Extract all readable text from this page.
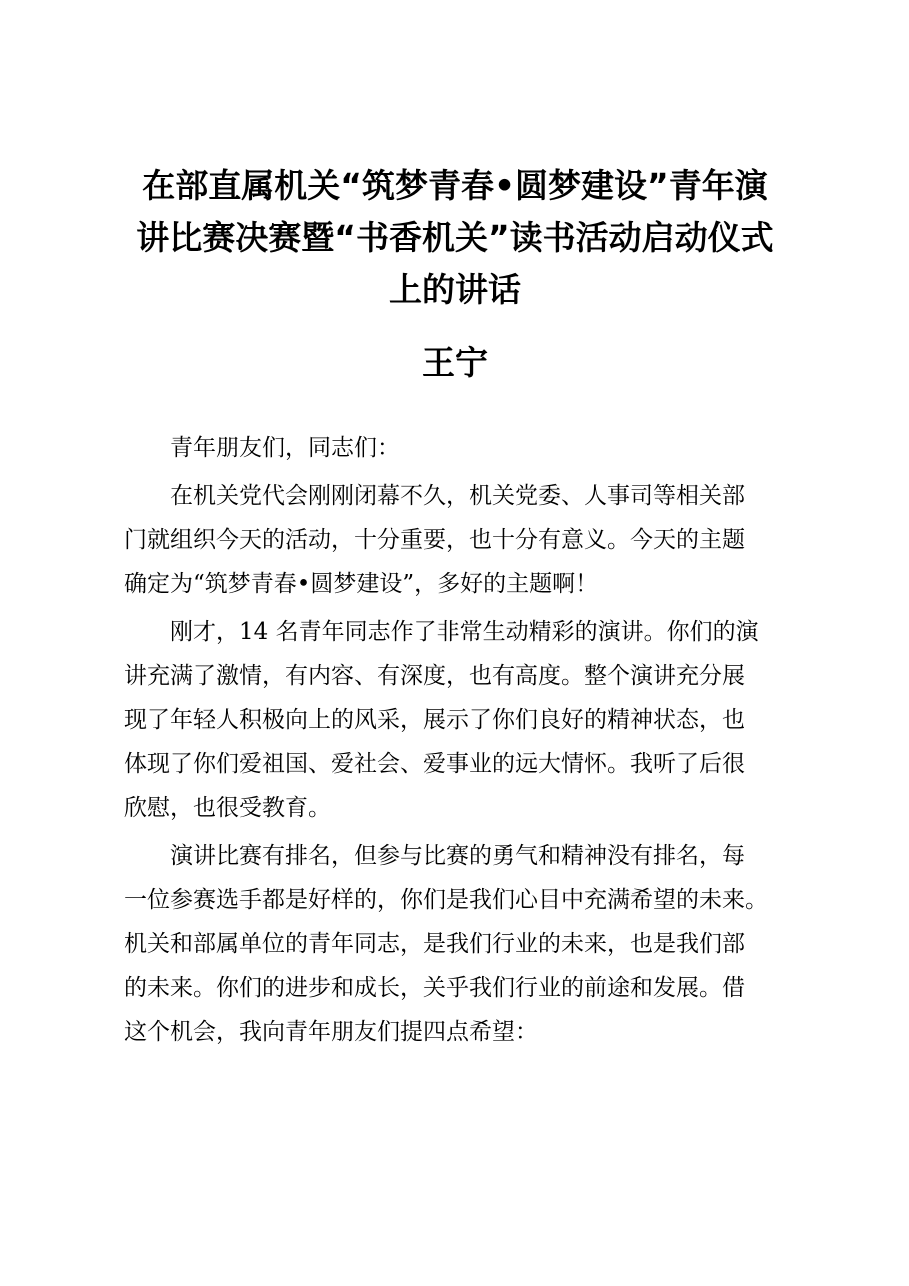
在部直属机关“筑梦青春•圆梦建设”青年演
讲比赛决赛暨“书香机关”读书活动启动仪式
上的讲话
王宁

　　青年朋友们，同志们：

　　在机关党代会刚刚闭幕不久，机关党委、人事司等相关部
门就组织今天的活动，十分重要，也十分有意义。今天的主题
确定为“筑梦青春•圆梦建设”，多好的主题啊！

　　刚才，14 名青年同志作了非常生动精彩的演讲。你们的演
讲充满了激情，有内容、有深度，也有高度。整个演讲充分展
现了年轻人积极向上的风采，展示了你们良好的精神状态，也
体现了你们爱祖国、爱社会、爱事业的远大情怀。我听了后很
欣慰，也很受教育。

　　演讲比赛有排名，但参与比赛的勇气和精神没有排名，每
一位参赛选手都是好样的，你们是我们心目中充满希望的未来。
机关和部属单位的青年同志，是我们行业的未来，也是我们部
的未来。你们的进步和成长，关乎我们行业的前途和发展。借
这个机会，我向青年朋友们提四点希望：
